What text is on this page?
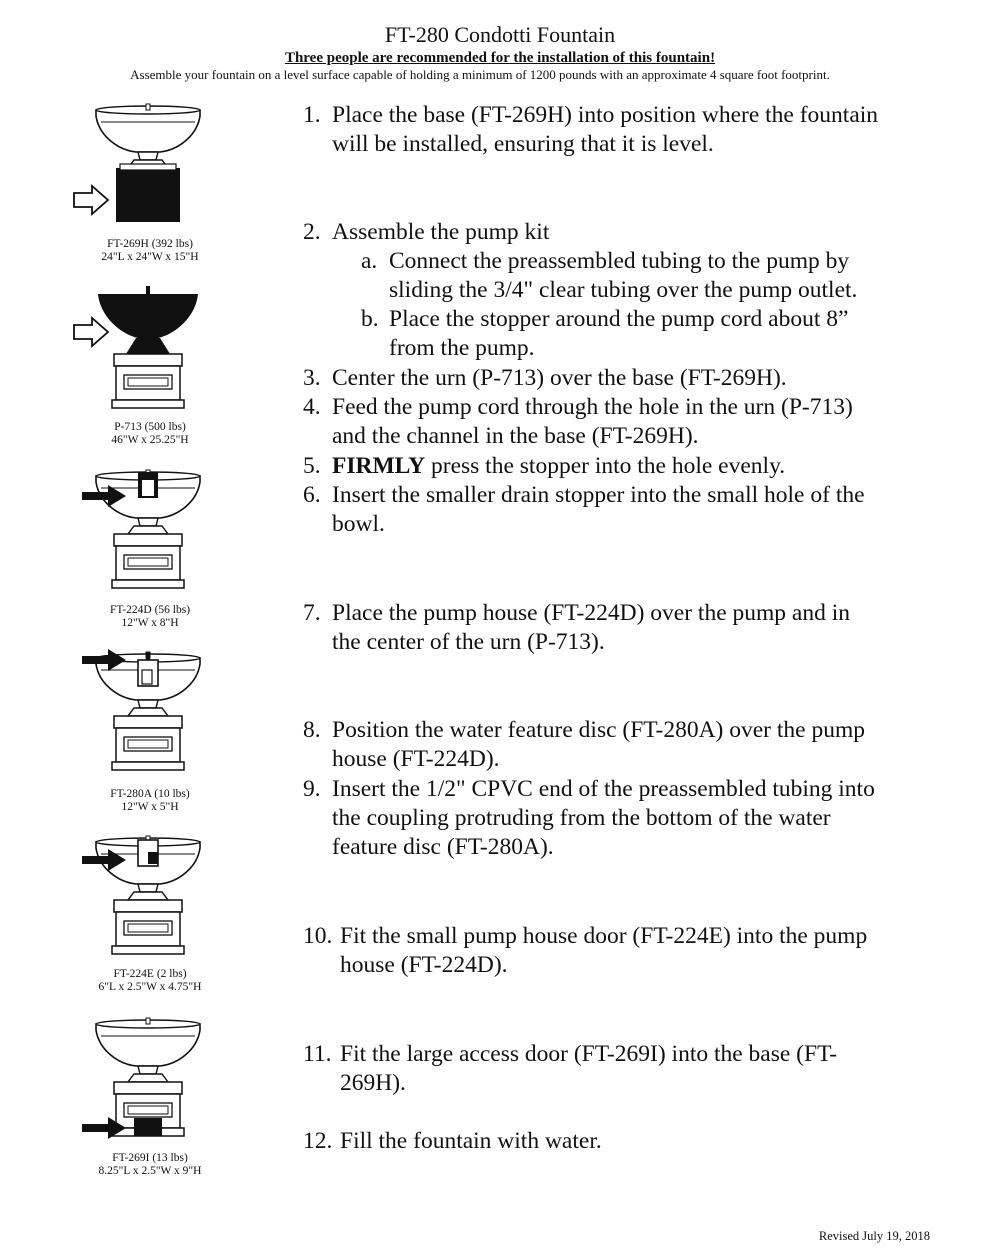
FT-280 Condotti Fountain
Three people are recommended for the installation of this fountain!
Assemble your fountain on a level surface capable of holding a minimum of 1200 pounds with an approximate 4 square foot footprint.
FT-269H (392 lbs)
24"L x 24"W x 15"H
P-713 (500 lbs)
46"W x 25.25"H
FT-224D (56 lbs)
12"W x 8"H
FT-280A (10 lbs)
12"W x 5"H
FT-224E (2 lbs)
6"L x 2.5"W x 4.75"H
FT-269I (13 lbs)
8.25"L x 2.5"W x 9"H
1. Place the base (FT-269H) into position where the fountain
will be installed, ensuring that it is level.
2. Assemble the pump kit
a. Connect the preassembled tubing to the pump by
sliding the 3/4" clear tubing over the pump outlet.
b. Place the stopper around the pump cord about 8”
from the pump.
3. Center the urn (P-713) over the base (FT-269H).
4. Feed the pump cord through the hole in the urn (P-713)
and the channel in the base (FT-269H).
5. FIRMLY press the stopper into the hole evenly.
6. Insert the smaller drain stopper into the small hole of the
bowl.
7. Place the pump house (FT-224D) over the pump and in
the center of the urn (P-713).
8. Position the water feature disc (FT-280A) over the pump
house (FT-224D).
9. Insert the 1/2" CPVC end of the preassembled tubing into
the coupling protruding from the bottom of the water
feature disc (FT-280A).
10. Fit the small pump house door (FT-224E) into the pump
house (FT-224D).
11. Fit the large access door (FT-269I) into the base (FT-
269H).
12. Fill the fountain with water.
Revised July 19, 2018
